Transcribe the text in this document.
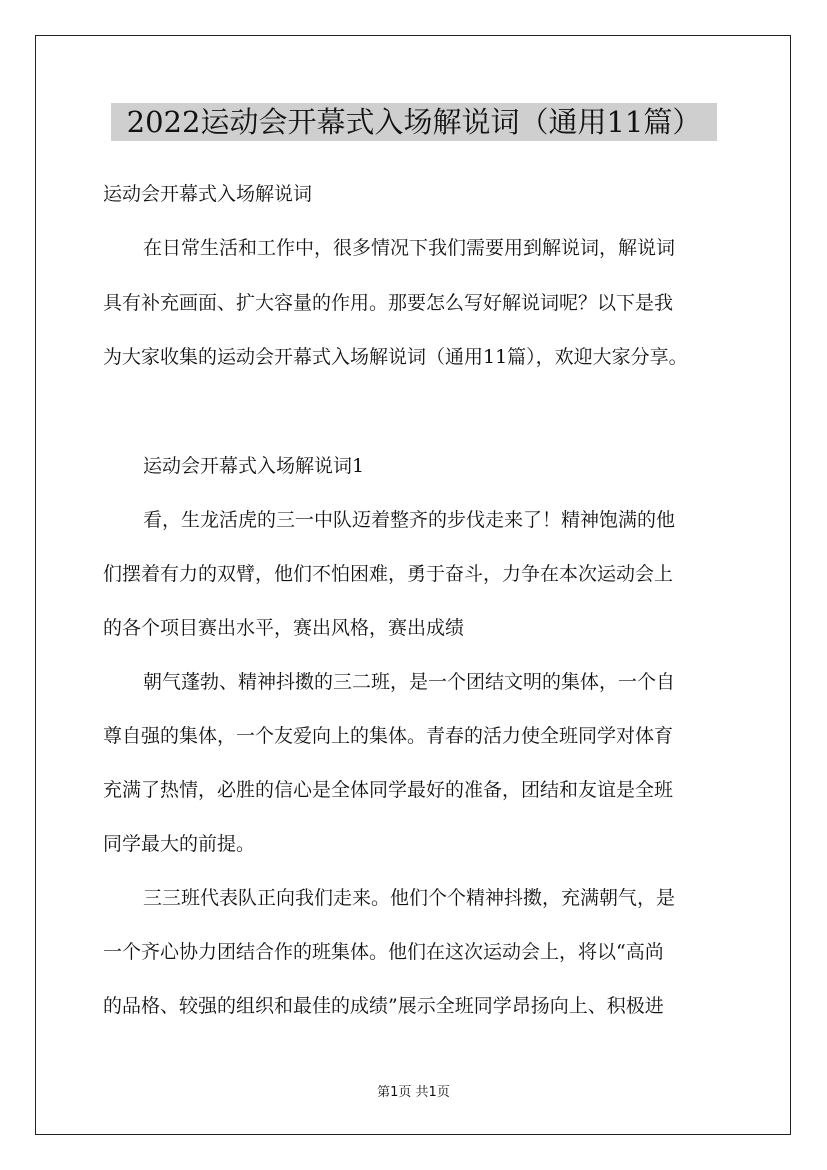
2022运动会开幕式入场解说词（通用11篇）
运动会开幕式入场解说词
在日常生活和工作中，很多情况下我们需要用到解说词，解说词
具有补充画面、扩大容量的作用。那要怎么写好解说词呢？以下是我
为大家收集的运动会开幕式入场解说词（通用11篇），欢迎大家分享。
运动会开幕式入场解说词1
看，生龙活虎的三一中队迈着整齐的步伐走来了！精神饱满的他
们摆着有力的双臂，他们不怕困难，勇于奋斗，力争在本次运动会上
的各个项目赛出水平，赛出风格，赛出成绩
朝气蓬勃、精神抖擞的三二班，是一个团结文明的集体，一个自
尊自强的集体，一个友爱向上的集体。青春的活力使全班同学对体育
充满了热情，必胜的信心是全体同学最好的准备，团结和友谊是全班
同学最大的前提。
三三班代表队正向我们走来。他们个个精神抖擞，充满朝气，是
一个齐心协力团结合作的班集体。他们在这次运动会上，将以“高尚
的品格、较强的组织和最佳的成绩”展示全班同学昂扬向上、积极进
第1页 共1页
